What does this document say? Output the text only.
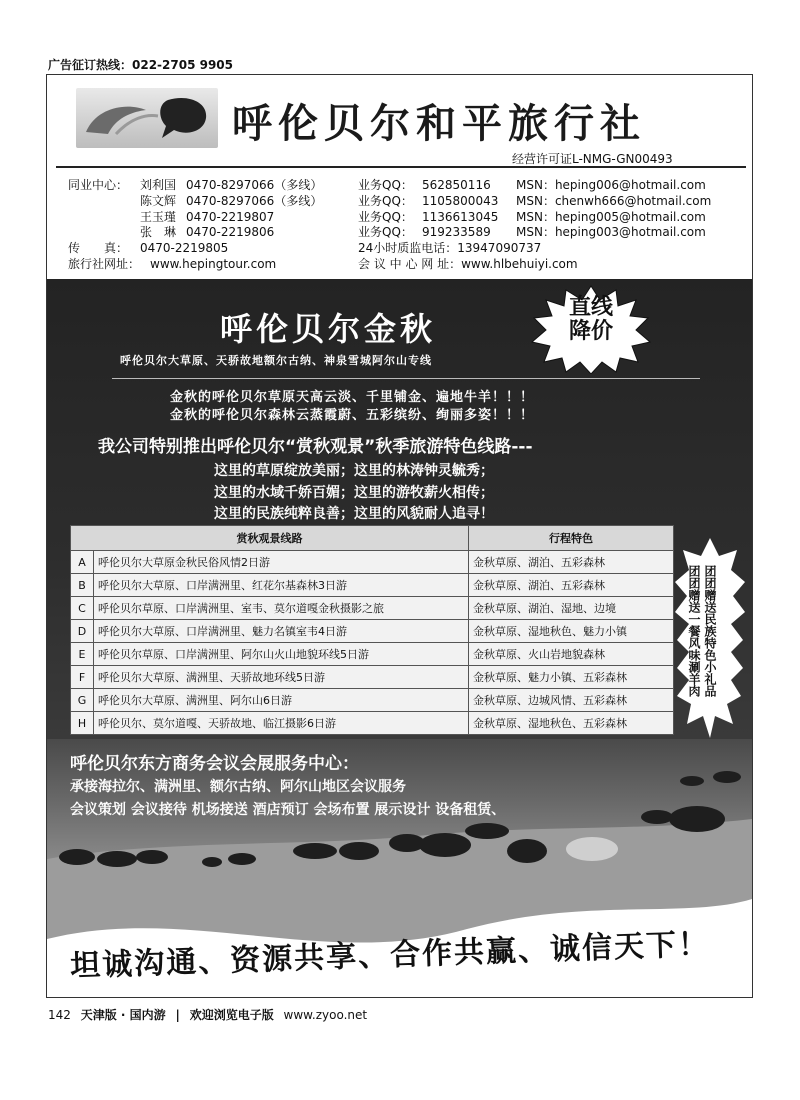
广告征订热线：022-2705 9905
呼伦贝尔和平旅行社
经营许可证L-NMG-GN00493
同业中心： 刘利国 0470-8297066（多线）
陈文辉 0470-8297066（多线）
王玉瑾 0470-2219807
张　琳 0470-2219806
传　　真： 0470-2219805
旅行社网址： www.hepingtour.com
业务QQ： 562850116 MSN：heping006@hotmail.com
业务QQ： 1105800043 MSN：chenwh666@hotmail.com
业务QQ： 1136613045 MSN：heping005@hotmail.com
业务QQ： 919233589 MSN：heping003@hotmail.com
24小时质监电话：13947090737
会 议 中 心 网 址：www.hlbehuiyi.com
直线
降价
呼伦贝尔金秋
呼伦贝尔大草原、天骄故地额尔古纳、神泉雪城阿尔山专线
金秋的呼伦贝尔草原天高云淡、千里铺金、遍地牛羊！！！
金秋的呼伦贝尔森林云蒸霞蔚、五彩缤纷、绚丽多姿！！！
我公司特别推出呼伦贝尔“赏秋观景”秋季旅游特色线路---
这里的草原绽放美丽；这里的林涛钟灵毓秀；
这里的水域千娇百媚；这里的游牧薪火相传；
这里的民族纯粹良善；这里的风貌耐人追寻！
赏秋观景线路		行程特色
A	呼伦贝尔大草原金秋民俗风情2日游	金秋草原、湖泊、五彩森林
B	呼伦贝尔大草原、口岸满洲里、红花尔基森林3日游	金秋草原、湖泊、五彩森林
C	呼伦贝尔草原、口岸满洲里、室韦、莫尔道嘎金秋摄影之旅	金秋草原、湖泊、湿地、边境
D	呼伦贝尔大草原、口岸满洲里、魅力名镇室韦4日游	金秋草原、湿地秋色、魅力小镇
E	呼伦贝尔草原、口岸满洲里、阿尔山火山地貌环线5日游	金秋草原、火山岩地貌森林
F	呼伦贝尔大草原、满洲里、天骄故地环线5日游	金秋草原、魅力小镇、五彩森林
G	呼伦贝尔大草原、满洲里、阿尔山6日游	金秋草原、边城风情、五彩森林
H	呼伦贝尔、莫尔道嘎、天骄故地、临江摄影6日游	金秋草原、湿地秋色、五彩森林
团团赠送民族特色小礼品　团团赠送一餐风味涮羊肉
呼伦贝尔东方商务会议会展服务中心：
承接海拉尔、满洲里、额尔古纳、阿尔山地区会议服务
会议策划 会议接待 机场接送 酒店预订 会场布置 展示设计 设备租赁、
坦诚沟通、资源共享、合作共赢、诚信天下！
142 天津版 · 国内游 | 欢迎浏览电子版 www.zyoo.net
